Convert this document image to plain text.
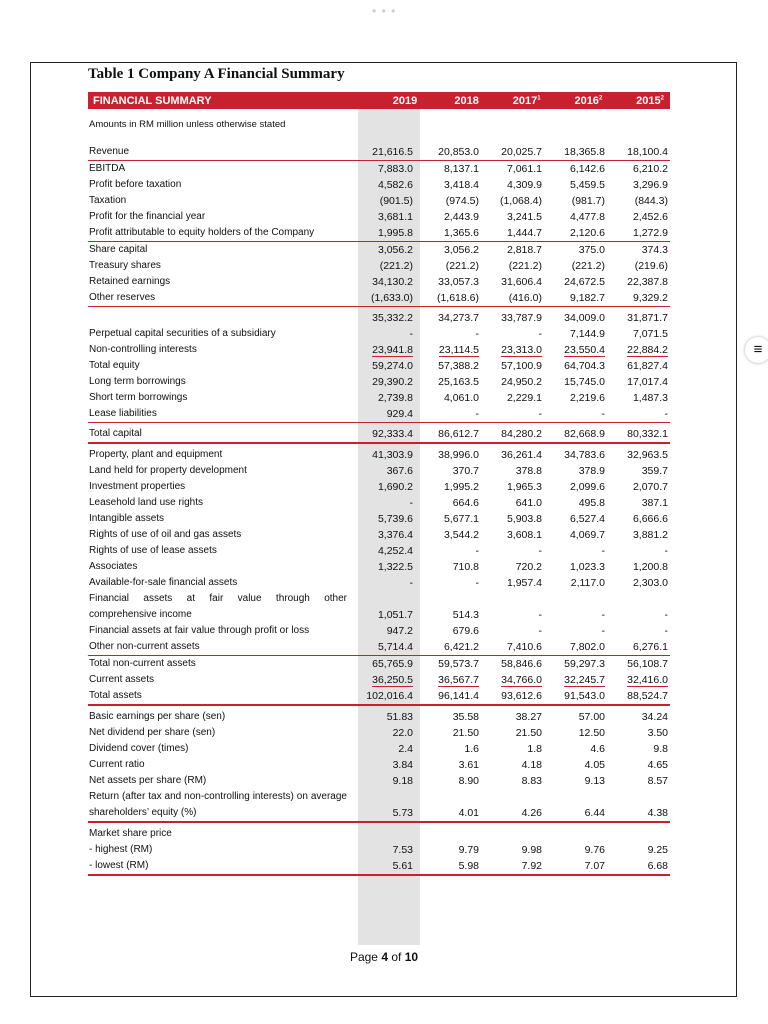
• • •
Table 1 Company A Financial Summary
FINANCIAL SUMMARY	2019	2018	2017$^1$	2016$^2$	2015$^2$
Amounts in RM million unless otherwise stated
Revenue	21,616.5	20,853.0	20,025.7	18,365.8	18,100.4
EBITDA	7,883.0	8,137.1	7,061.1	6,142.6	6,210.2
Profit before taxation	4,582.6	3,418.4	4,309.9	5,459.5	3,296.9
Taxation	(901.5)	(974.5)	(1,068.4)	(981.7)	(844.3)
Profit for the financial year	3,681.1	2,443.9	3,241.5	4,477.8	2,452.6
Profit attributable to equity holders of the Company	1,995.8	1,365.6	1,444.7	2,120.6	1,272.9
Share capital	3,056.2	3,056.2	2,818.7	375.0	374.3
Treasury shares	(221.2)	(221.2)	(221.2)	(221.2)	(219.6)
Retained earnings	34,130.2	33,057.3	31,606.4	24,672.5	22,387.8
Other reserves	(1,633.0)	(1,618.6)	(416.0)	9,182.7	9,329.2
35,332.2	34,273.7	33,787.9	34,009.0	31,871.7
Perpetual capital securities of a subsidiary	-	-	-	7,144.9	7,071.5
Non-controlling interests	23,941.8	23,114.5	23,313.0	23,550.4	22,884.2
Total equity	59,274.0	57,388.2	57,100.9	64,704.3	61,827.4
Long term borrowings	29,390.2	25,163.5	24,950.2	15,745.0	17,017.4
Short term borrowings	2,739.8	4,061.0	2,229.1	2,219.6	1,487.3
Lease liabilities	929.4	-	-	-	-
Total capital	92,333.4	86,612.7	84,280.2	82,668.9	80,332.1
Property, plant and equipment	41,303.9	38,996.0	36,261.4	34,783.6	32,963.5
Land held for property development	367.6	370.7	378.8	378.9	359.7
Investment properties	1,690.2	1,995.2	1,965.3	2,099.6	2,070.7
Leasehold land use rights	-	664.6	641.0	495.8	387.1
Intangible assets	5,739.6	5,677.1	5,903.8	6,527.4	6,666.6
Rights of use of oil and gas assets	3,376.4	3,544.2	3,608.1	4,069.7	3,881.2
Rights of use of lease assets	4,252.4	-	-	-	-
Associates	1,322.5	710.8	720.2	1,023.3	1,200.8
Available-for-sale financial assets	-	-	1,957.4	2,117.0	2,303.0
Financial assets at fair value through other comprehensive income	1,051.7	514.3	-	-	-
Financial assets at fair value through profit or loss	947.2	679.6	-	-	-
Other non-current assets	5,714.4	6,421.2	7,410.6	7,802.0	6,276.1
Total non-current assets	65,765.9	59,573.7	58,846.6	59,297.3	56,108.7
Current assets	36,250.5	36,567.7	34,766.0	32,245.7	32,416.0
Total assets	102,016.4	96,141.4	93,612.6	91,543.0	88,524.7
Basic earnings per share (sen)	51.83	35.58	38.27	57.00	34.24
Net dividend per share (sen)	22.0	21.50	21.50	12.50	3.50
Dividend cover (times)	2.4	1.6	1.8	4.6	9.8
Current ratio	3.84	3.61	4.18	4.05	4.65
Net assets per share (RM)	9.18	8.90	8.83	9.13	8.57
Return (after tax and non-controlling interests) on average shareholders’ equity (%)	5.73	4.01	4.26	6.44	4.38
Market share price
- highest (RM)	7.53	9.79	9.98	9.76	9.25
- lowest (RM)	5.61	5.98	7.92	7.07	6.68
Page 4 of 10
≡
